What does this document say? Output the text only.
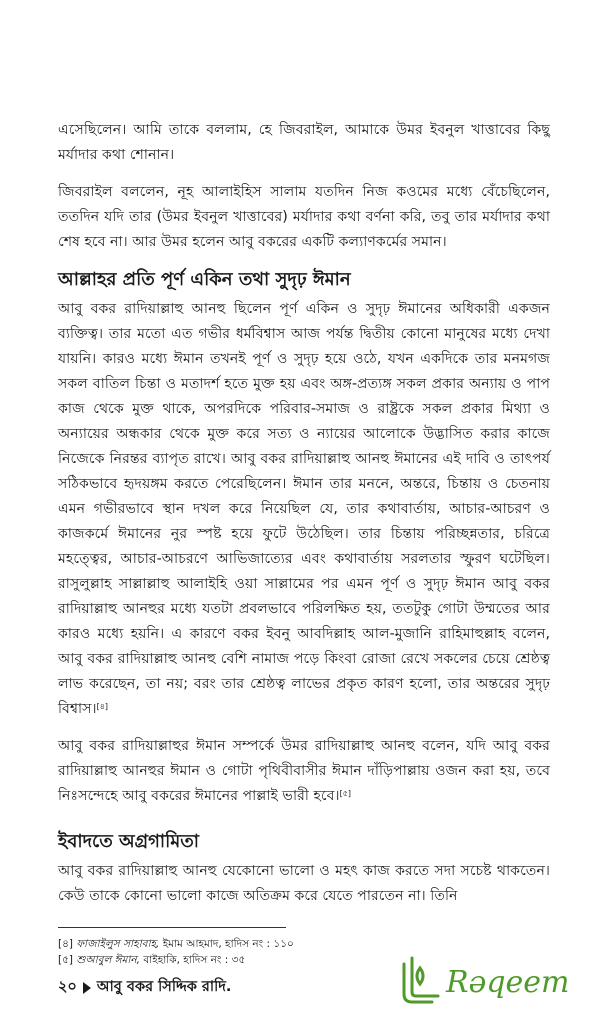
এসেছিলেন। আমি তাকে বললাম, হে জিবরাইল, আমাকে উমর ইবনুল খাত্তাবের কিছু মর্যাদার কথা শোনান।

জিবরাইল বললেন, নূহ আলাইহিস সালাম যতদিন নিজ কওমের মধ্যে বেঁচেছিলেন, ততদিন যদি তার (উমর ইবনুল খাত্তাবের) মর্যাদার কথা বর্ণনা করি, তবু তার মর্যাদার কথা শেষ হবে না। আর উমর হলেন আবু বকরের একটি কল্যাণকর্মের সমান।

আল্লাহর প্রতি পূর্ণ একিন তথা সুদৃঢ় ঈমান

আবু বকর রাদিয়াল্লাহু আনহু ছিলেন পূর্ণ একিন ও সুদৃঢ় ঈমানের অধিকারী একজন ব্যক্তিত্ব। তার মতো এত গভীর ধর্মবিশ্বাস আজ পর্যন্ত দ্বিতীয় কোনো মানুষের মধ্যে দেখা যায়নি। কারও মধ্যে ঈমান তখনই পূর্ণ ও সুদৃঢ় হয়ে ওঠে, যখন একদিকে তার মনমগজ সকল বাতিল চিন্তা ও মতাদর্শ হতে মুক্ত হয় এবং অঙ্গ-প্রত্যঙ্গ সকল প্রকার অন্যায় ও পাপ কাজ থেকে মুক্ত থাকে, অপরদিকে পরিবার-সমাজ ও রাষ্ট্রকে সকল প্রকার মিথ্যা ও অন্যায়ের অন্ধকার থেকে মুক্ত করে সত্য ও ন্যায়ের আলোকে উদ্ভাসিত করার কাজে নিজেকে নিরন্তর ব্যাপৃত রাখে। আবু বকর রাদিয়াল্লাহু আনহু ঈমানের এই দাবি ও তাৎপর্য সঠিকভাবে হৃদয়ঙ্গম করতে পেরেছিলেন। ঈমান তার মননে, অন্তরে, চিন্তায় ও চেতনায় এমন গভীরভাবে স্থান দখল করে নিয়েছিল যে, তার কথাবার্তায়, আচার-আচরণ ও কাজকর্মে ঈমানের নুর স্পষ্ট হয়ে ফুটে উঠেছিল। তার চিন্তায় পরিচ্ছন্নতার, চরিত্রে মহত্ত্বের, আচার-আচরণে আভিজাত্যের এবং কথাবার্তায় সরলতার স্ফুরণ ঘটেছিল। রাসুলুল্লাহ সাল্লাল্লাহু আলাইহি ওয়া সাল্লামের পর এমন পূর্ণ ও সুদৃঢ় ঈমান আবু বকর রাদিয়াল্লাহু আনহুর মধ্যে যতটা প্রবলভাবে পরিলক্ষিত হয়, ততটুকু গোটা উম্মতের আর কারও মধ্যে হয়নি। এ কারণে বকর ইবনু আবদিল্লাহ আল-মুজানি রাহিমাহুল্লাহ বলেন, আবু বকর রাদিয়াল্লাহু আনহু বেশি নামাজ পড়ে কিংবা রোজা রেখে সকলের চেয়ে শ্রেষ্ঠত্ব লাভ করেছেন, তা নয়; বরং তার শ্রেষ্ঠত্ব লাভের প্রকৃত কারণ হলো, তার অন্তরের সুদৃঢ় বিশ্বাস।[৪]

আবু বকর রাদিয়াল্লাহুর ঈমান সম্পর্কে উমর রাদিয়াল্লাহু আনহু বলেন, যদি আবু বকর রাদিয়াল্লাহু আনহুর ঈমান ও গোটা পৃথিবীবাসীর ঈমান দাঁড়িপাল্লায় ওজন করা হয়, তবে নিঃসন্দেহে আবু বকরের ঈমানের পাল্লাই ভারী হবে।[৫]

ইবাদতে অগ্রগামিতা

আবু বকর রাদিয়াল্লাহু আনহু যেকোনো ভালো ও মহৎ কাজ করতে সদা সচেষ্ট থাকতেন। কেউ তাকে কোনো ভালো কাজে অতিক্রম করে যেতে পারতেন না। তিনি

[৪] ফাজাইলুস সাহাবাহ, ইমাম আহমাদ, হাদিস নং : ১১০

[৫] শুআবুল ঈমান, বাইহাকি, হাদিস নং : ৩৫

২০ আবু বকর সিদ্দিক রাদি.	Rəqeem
